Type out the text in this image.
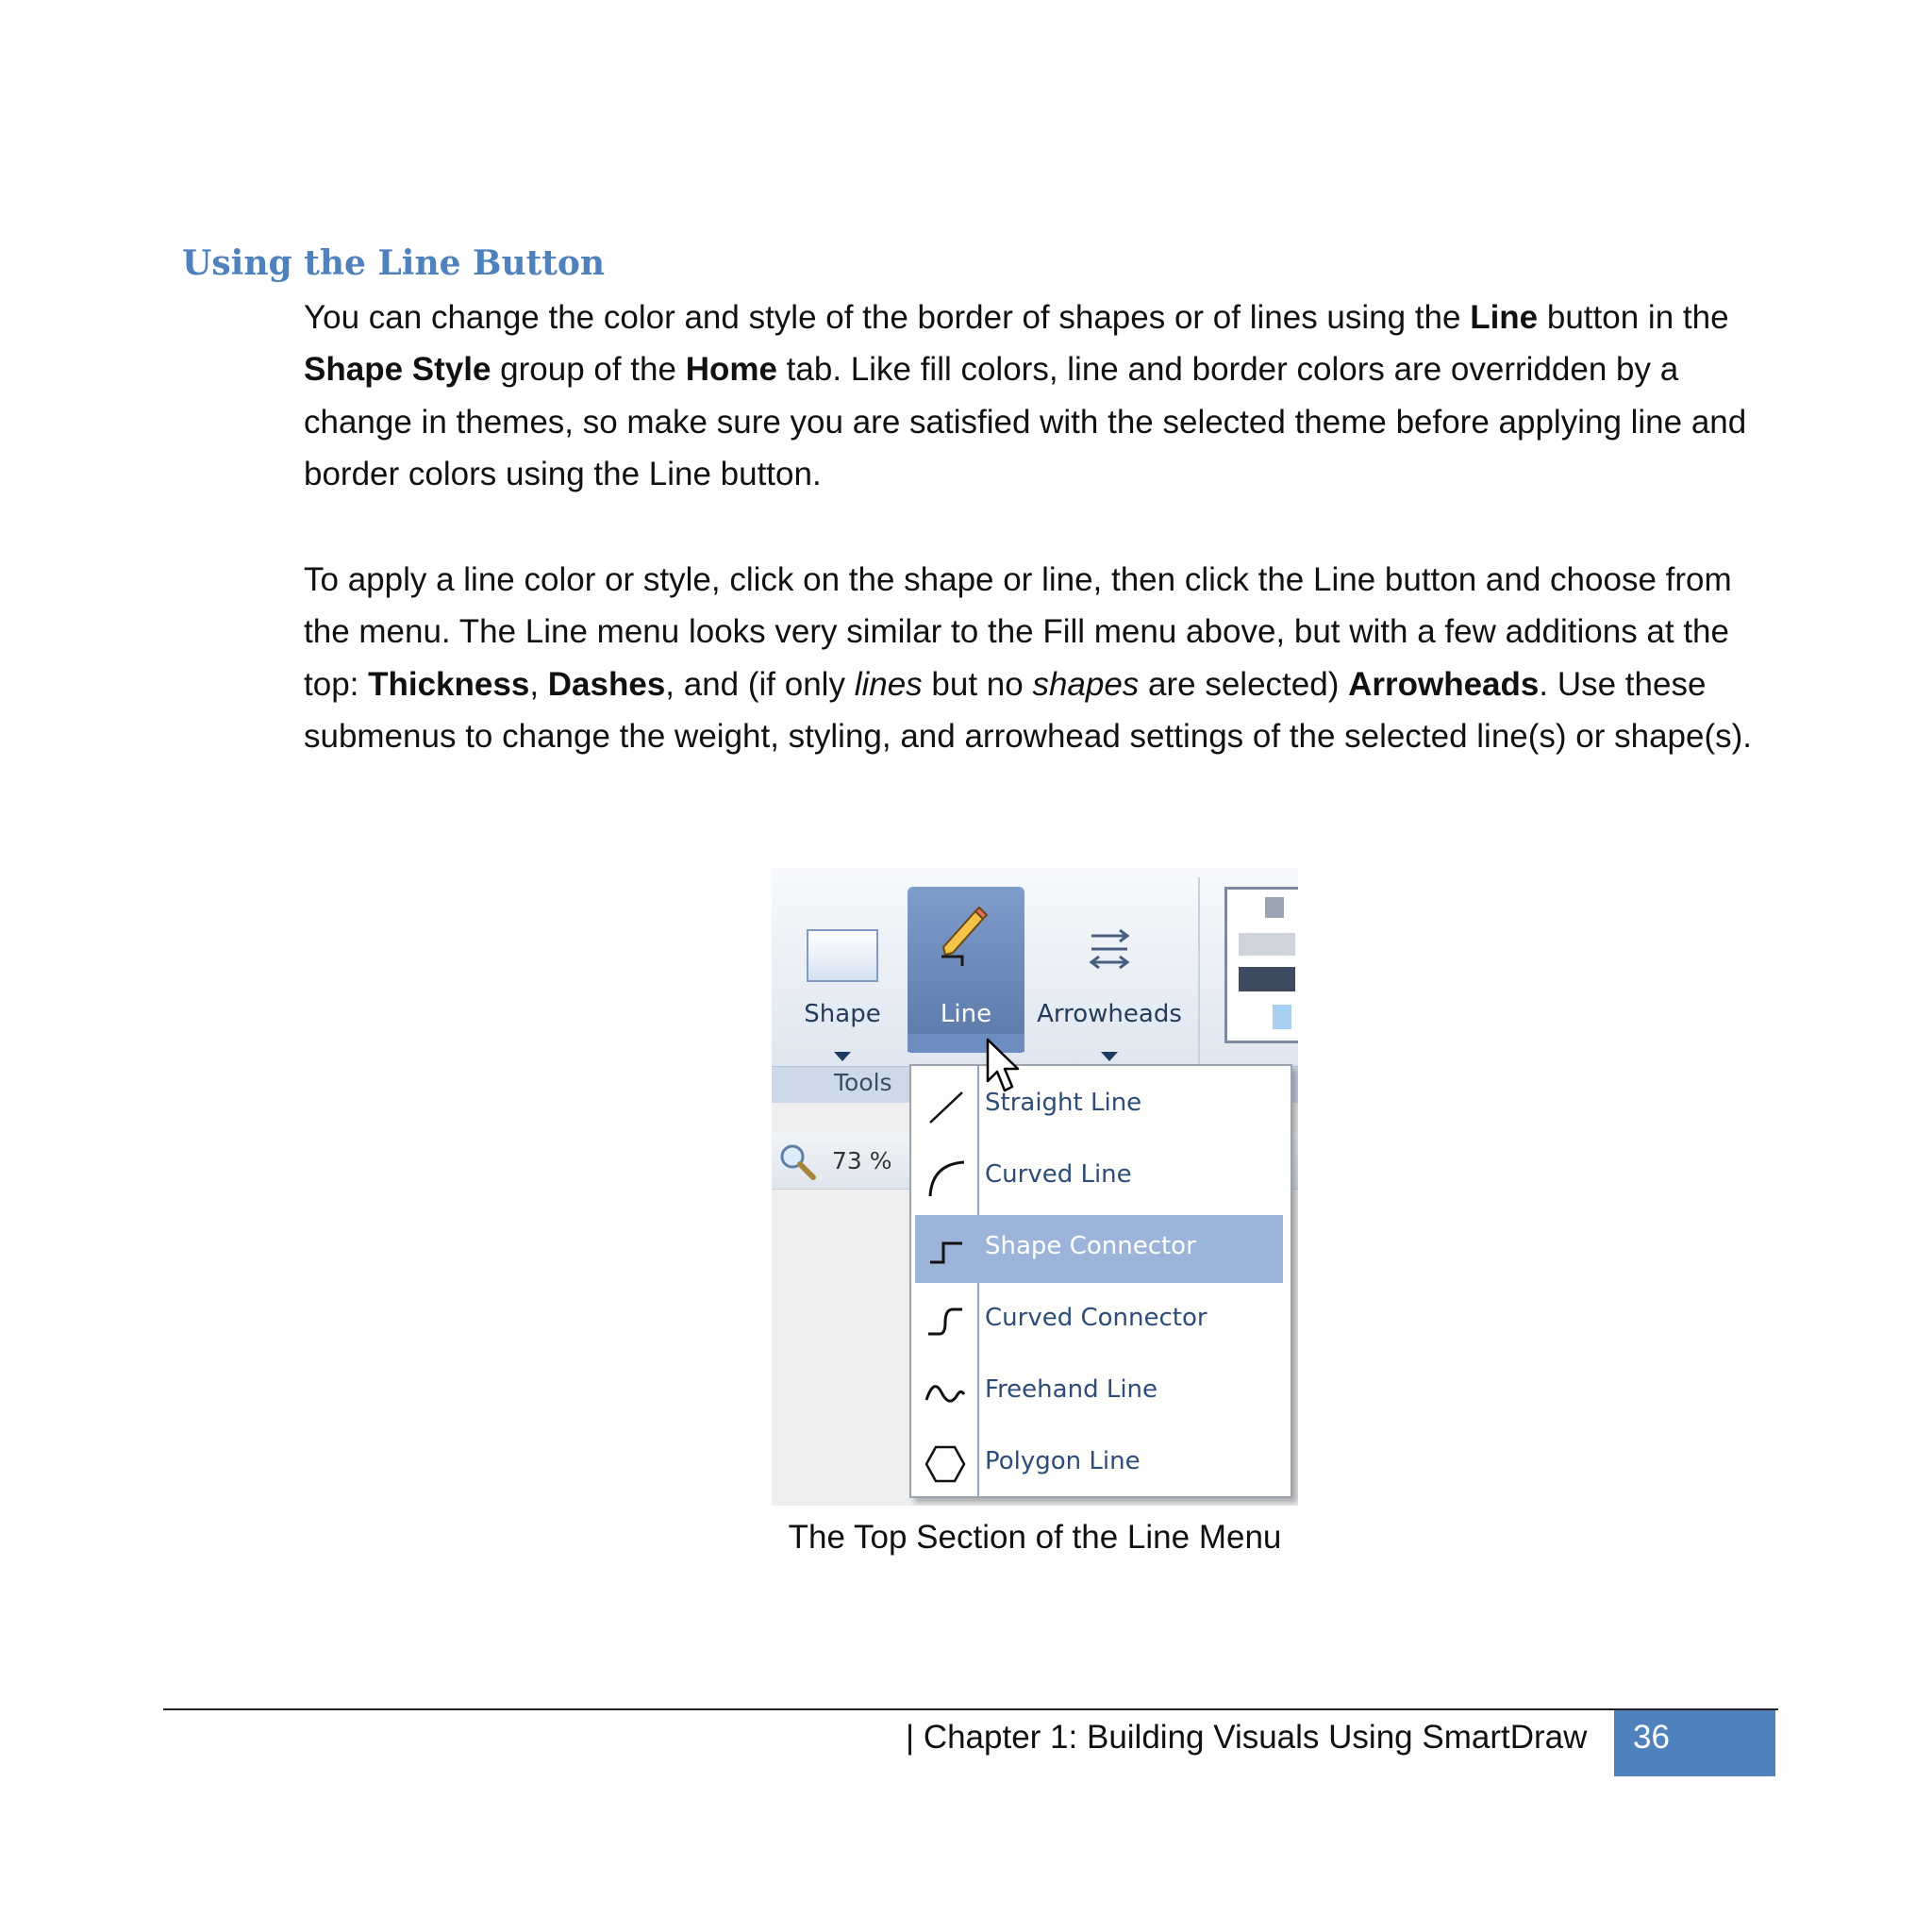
Using the Line Button

You can change the color and style of the border of shapes or of lines using the Line button in the Shape Style group of the Home tab. Like fill colors, line and border colors are overridden by a change in themes, so make sure you are satisfied with the selected theme before applying line and border colors using the Line button.

To apply a line color or style, click on the shape or line, then click the Line button and choose from the menu. The Line menu looks very similar to the Fill menu above, but with a few additions at the top: Thickness, Dashes, and (if only lines but no shapes are selected) Arrowheads. Use these submenus to change the weight, styling, and arrowhead settings of the selected line(s) or shape(s).

Shape	Line	Arrowheads
Tools
73 %
Straight Line
Curved Line
Shape Connector
Curved Connector
Freehand Line
Polygon Line

The Top Section of the Line Menu

| Chapter 1: Building Visuals Using SmartDraw 36
